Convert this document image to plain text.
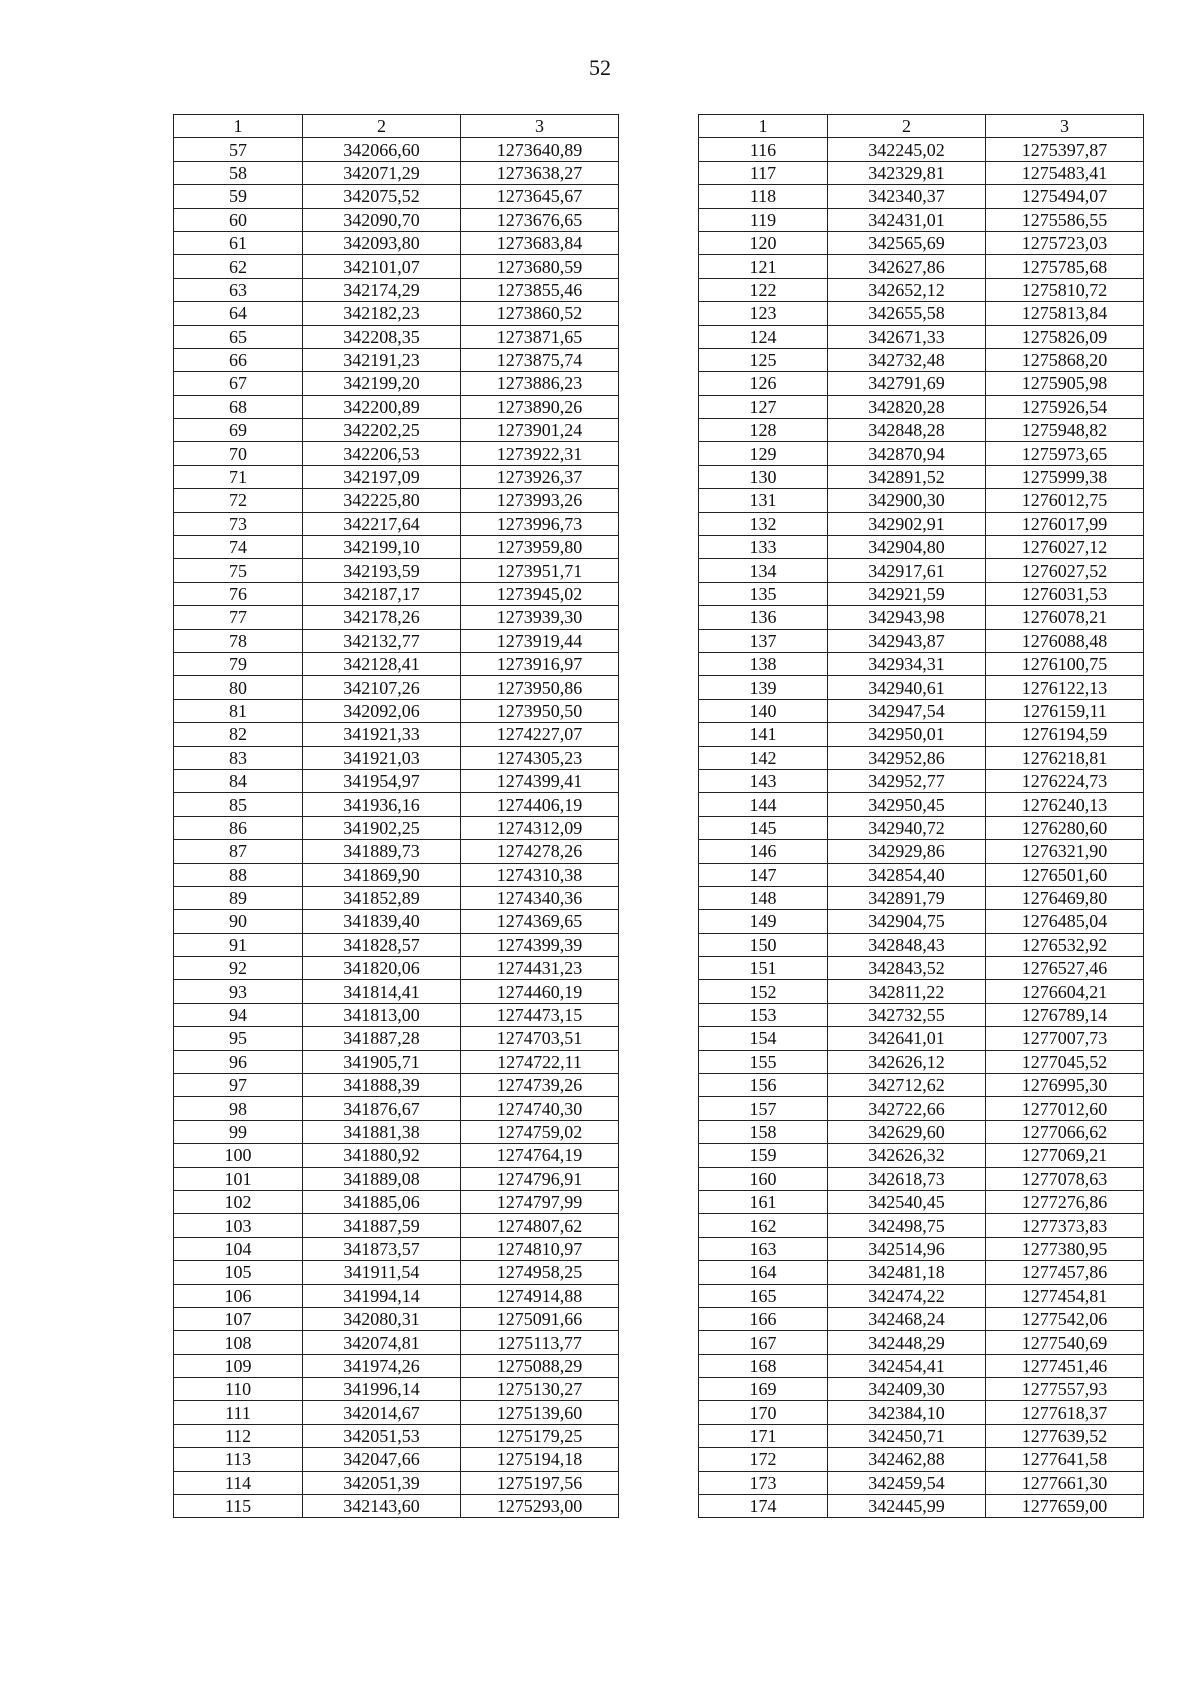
52
1	2	3
57	342066,60	1273640,89
58	342071,29	1273638,27
59	342075,52	1273645,67
60	342090,70	1273676,65
61	342093,80	1273683,84
62	342101,07	1273680,59
63	342174,29	1273855,46
64	342182,23	1273860,52
65	342208,35	1273871,65
66	342191,23	1273875,74
67	342199,20	1273886,23
68	342200,89	1273890,26
69	342202,25	1273901,24
70	342206,53	1273922,31
71	342197,09	1273926,37
72	342225,80	1273993,26
73	342217,64	1273996,73
74	342199,10	1273959,80
75	342193,59	1273951,71
76	342187,17	1273945,02
77	342178,26	1273939,30
78	342132,77	1273919,44
79	342128,41	1273916,97
80	342107,26	1273950,86
81	342092,06	1273950,50
82	341921,33	1274227,07
83	341921,03	1274305,23
84	341954,97	1274399,41
85	341936,16	1274406,19
86	341902,25	1274312,09
87	341889,73	1274278,26
88	341869,90	1274310,38
89	341852,89	1274340,36
90	341839,40	1274369,65
91	341828,57	1274399,39
92	341820,06	1274431,23
93	341814,41	1274460,19
94	341813,00	1274473,15
95	341887,28	1274703,51
96	341905,71	1274722,11
97	341888,39	1274739,26
98	341876,67	1274740,30
99	341881,38	1274759,02
100	341880,92	1274764,19
101	341889,08	1274796,91
102	341885,06	1274797,99
103	341887,59	1274807,62
104	341873,57	1274810,97
105	341911,54	1274958,25
106	341994,14	1274914,88
107	342080,31	1275091,66
108	342074,81	1275113,77
109	341974,26	1275088,29
110	341996,14	1275130,27
111	342014,67	1275139,60
112	342051,53	1275179,25
113	342047,66	1275194,18
114	342051,39	1275197,56
115	342143,60	1275293,00
1	2	3
116	342245,02	1275397,87
117	342329,81	1275483,41
118	342340,37	1275494,07
119	342431,01	1275586,55
120	342565,69	1275723,03
121	342627,86	1275785,68
122	342652,12	1275810,72
123	342655,58	1275813,84
124	342671,33	1275826,09
125	342732,48	1275868,20
126	342791,69	1275905,98
127	342820,28	1275926,54
128	342848,28	1275948,82
129	342870,94	1275973,65
130	342891,52	1275999,38
131	342900,30	1276012,75
132	342902,91	1276017,99
133	342904,80	1276027,12
134	342917,61	1276027,52
135	342921,59	1276031,53
136	342943,98	1276078,21
137	342943,87	1276088,48
138	342934,31	1276100,75
139	342940,61	1276122,13
140	342947,54	1276159,11
141	342950,01	1276194,59
142	342952,86	1276218,81
143	342952,77	1276224,73
144	342950,45	1276240,13
145	342940,72	1276280,60
146	342929,86	1276321,90
147	342854,40	1276501,60
148	342891,79	1276469,80
149	342904,75	1276485,04
150	342848,43	1276532,92
151	342843,52	1276527,46
152	342811,22	1276604,21
153	342732,55	1276789,14
154	342641,01	1277007,73
155	342626,12	1277045,52
156	342712,62	1276995,30
157	342722,66	1277012,60
158	342629,60	1277066,62
159	342626,32	1277069,21
160	342618,73	1277078,63
161	342540,45	1277276,86
162	342498,75	1277373,83
163	342514,96	1277380,95
164	342481,18	1277457,86
165	342474,22	1277454,81
166	342468,24	1277542,06
167	342448,29	1277540,69
168	342454,41	1277451,46
169	342409,30	1277557,93
170	342384,10	1277618,37
171	342450,71	1277639,52
172	342462,88	1277641,58
173	342459,54	1277661,30
174	342445,99	1277659,00
